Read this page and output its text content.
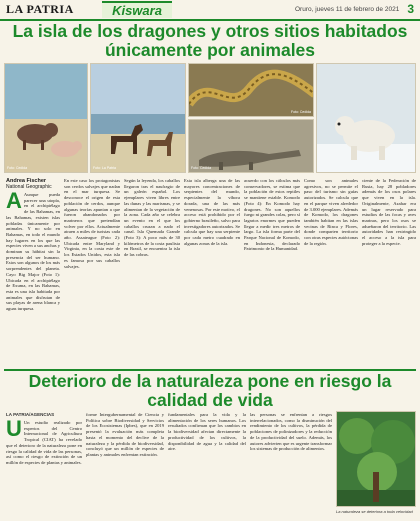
LA PATRIA	Kiswara	Oruro, jueves 11 de febrero de 2021 3
La isla de los dragones y otros sitios habitados únicamente por animales
Foto: Cedida	Foto: La Patria
Foto: Cedida
Foto: Cedida
Andrea Fischer
National Geographic
A Aunque pueda parecer una utopía, en el archipiélago de las Bahamas, en las Bahamas, existen islas pobladas únicamente por animales. Y no solo en Bahamas, en todo el mundo hay lugares en los que las especies viven a sus anchas y dominan su hábitat sin la presencia del ser humano. Estos son algunos de los más sorprendentes del planeta. Cayo Big Major (Foto 1): Ubicada en el archipiélago de Exuma, en las Bahamas, esta es una isla habitada por animales que disfrutan de sus playas de arena blanca y aguas turquesa.
En este caso los protagonistas son cerdos salvajes que nadan en el mar turquesa. Se desconoce el origen de esta población de cerdos, aunque algunas teorías apuntan a que fueron abandonados por marineros que pretendían volver por ellos. Actualmente atraen a miles de turistas cada año. Assateague (Foto 2): Ubicada entre Maryland y Virginia, en la costa este de los Estados Unidos, esta isla es famosa por sus caballos salvajes.
Según la leyenda, los caballos llegaron tras el naufragio de un galeón español. Los ejemplares viven libres entre las dunas y las marismas, y se alimentan de la vegetación de la zona. Cada año se celebra un evento en el que los caballos cruzan a nado el canal. Isla Quemada Grande (Foto 3): A poco más de 30 kilómetros de la costa paulista en Brasil, se encuentra la isla de las cobras.
Esta isla alberga una de las mayores concentraciones de serpientes del mundo, especialmente la víbora dorada, una de las más venenosas. Por este motivo, el acceso está prohibido por el gobierno brasileño, salvo para investigadores autorizados. Se calcula que hay una serpiente por cada metro cuadrado en algunas zonas de la isla.
acuerdo con los cálculos más conservadores, se estima que la población de estos reptiles se mantiene estable. Komodo (Foto 4): En Komodo hay dragones. No son aquellos fuego ni grandes colas, pero sí lagartos enormes que pueden llegar a medir tres metros de largo. La isla forma parte del Parque Nacional de Komodo, en Indonesia, declarado Patrimonio de la Humanidad.
Como son animales agresivos, no se permite el paso del turismo sin guías autorizados. Se calcula que en el parque viven alrededor de 3.000 ejemplares. Además de Komodo, los dragones también habitan en las islas vecinas de Rinca y Flores, donde comparten territorio con otras especies autóctonas de la región.
ciente de la Federación de Rusia, hay 28 pobladores además de los osos polares que viven en la isla. Originalmente, Azahar era un lugar reservado para estudios de las focas y aves marinas, pero los osos se adueñaron del territorio. Las autoridades han restringido el acceso a la isla para proteger a la especie.
Deterioro de la naturaleza pone en riesgo la calidad de vida
LA PATRIA/AGENCIAS
U Un estudio realizado por expertos del Centro Internacional de Agricultura Tropical (CIAT) ha revelado que el deterioro de la naturaleza pone en riesgo la calidad de vida de las personas, así como el riesgo de extinción de un millón de especies de plantas y animales.
forme Intergubernamental de Ciencia y Política sobre Biodiversidad y Servicios de los Ecosistemas (Ipbes), que en 2019 presentó la evaluación más completa hasta el momento del declive de la naturaleza y la pérdida de biodiversidad, concluyó que un millón de especies de plantas y animales enfrentan extinción.
fundamentales para la vida y la alimentación de los seres humanos. Los resultados confirman que los cambios en la biodiversidad afectan directamente la productividad de los cultivos, la disponibilidad de agua y la calidad del aire.
las personas se enfrentan a riesgos interrelacionados, como la disminución del rendimiento de los cultivos, la pérdida de poblaciones de polinizadores y la reducción de la productividad del suelo. Además, los autores advierten que es urgente transformar los sistemas de producción de alimentos.
La naturaleza se deteriora a toda velocidad
